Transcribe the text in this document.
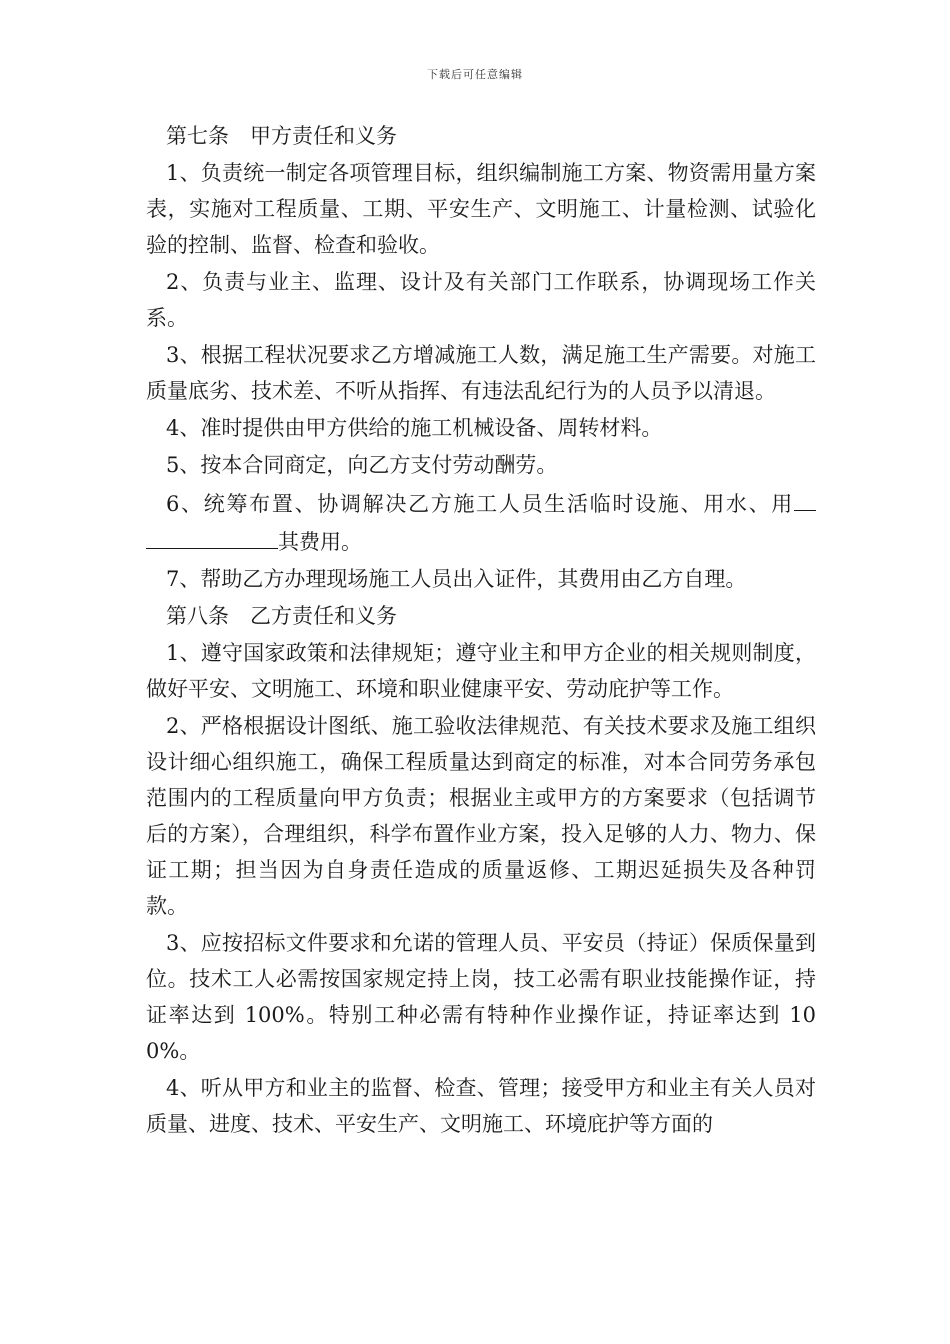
下载后可任意编辑

第七条　甲方责任和义务

1、负责统一制定各项管理目标，组织编制施工方案、物资需用量方案表，实施对工程质量、工期、平安生产、文明施工、计量检测、试验化验的控制、监督、检查和验收。

2、负责与业主、监理、设计及有关部门工作联系，协调现场工作关系。

3、根据工程状况要求乙方增减施工人数，满足施工生产需要。对施工质量底劣、技术差、不听从指挥、有违法乱纪行为的人员予以清退。

4、准时提供由甲方供给的施工机械设备、周转材料。

5、按本合同商定，向乙方支付劳动酬劳。

6、统筹布置、协调解决乙方施工人员生活临时设施、用水、用其费用。

7、帮助乙方办理现场施工人员出入证件，其费用由乙方自理。

第八条　乙方责任和义务

1、遵守国家政策和法律规矩；遵守业主和甲方企业的相关规则制度，做好平安、文明施工、环境和职业健康平安、劳动庇护等工作。

2、严格根据设计图纸、施工验收法律规范、有关技术要求及施工组织设计细心组织施工，确保工程质量达到商定的标准，对本合同劳务承包范围内的工程质量向甲方负责；根据业主或甲方的方案要求（包括调节后的方案），合理组织，科学布置作业方案，投入足够的人力、物力、保证工期；担当因为自身责任造成的质量返修、工期迟延损失及各种罚款。

3、应按招标文件要求和允诺的管理人员、平安员（持证）保质保量到位。技术工人必需按国家规定持上岗，技工必需有职业技能操作证，持证率达到 100%。特别工种必需有特种作业操作证，持证率达到 100%。

4、听从甲方和业主的监督、检查、管理；接受甲方和业主有关人员对质量、进度、技术、平安生产、文明施工、环境庇护等方面的
